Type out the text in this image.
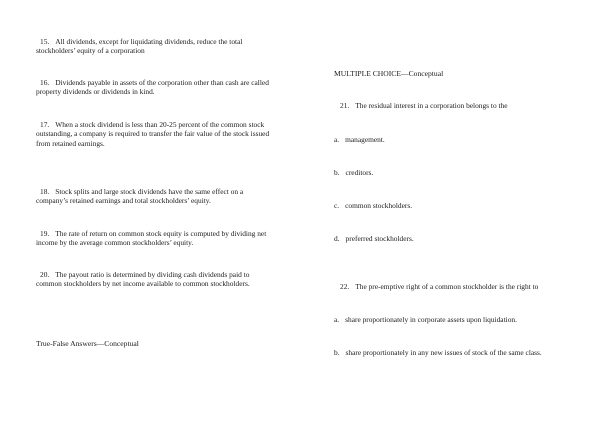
15. All dividends, except for liquidating dividends, reduce the total stockholders’ equity of a corporation

16. Dividends payable in assets of the corporation other than cash are called property dividends or dividends in kind.

17. When a stock dividend is less than 20-25 percent of the common stock outstanding, a company is required to transfer the fair value of the stock issued from retained earnings.

18. Stock splits and large stock dividends have the same effect on a company’s retained earnings and total stockholders’ equity.

19. The rate of return on common stock equity is computed by dividing net income by the average common stockholders’ equity.

20. The payout ratio is determined by dividing cash dividends paid to common stockholders by net income available to common stockholders.

True-False Answers—Conceptual

MULTIPLE CHOICE—Conceptual

21. The residual interest in a corporation belongs to the

a. management.

b. creditors.

c. common stockholders.

d. preferred stockholders.

22. The pre-emptive right of a common stockholder is the right to

a. share proportionately in corporate assets upon liquidation.

b. share proportionately in any new issues of stock of the same class.
